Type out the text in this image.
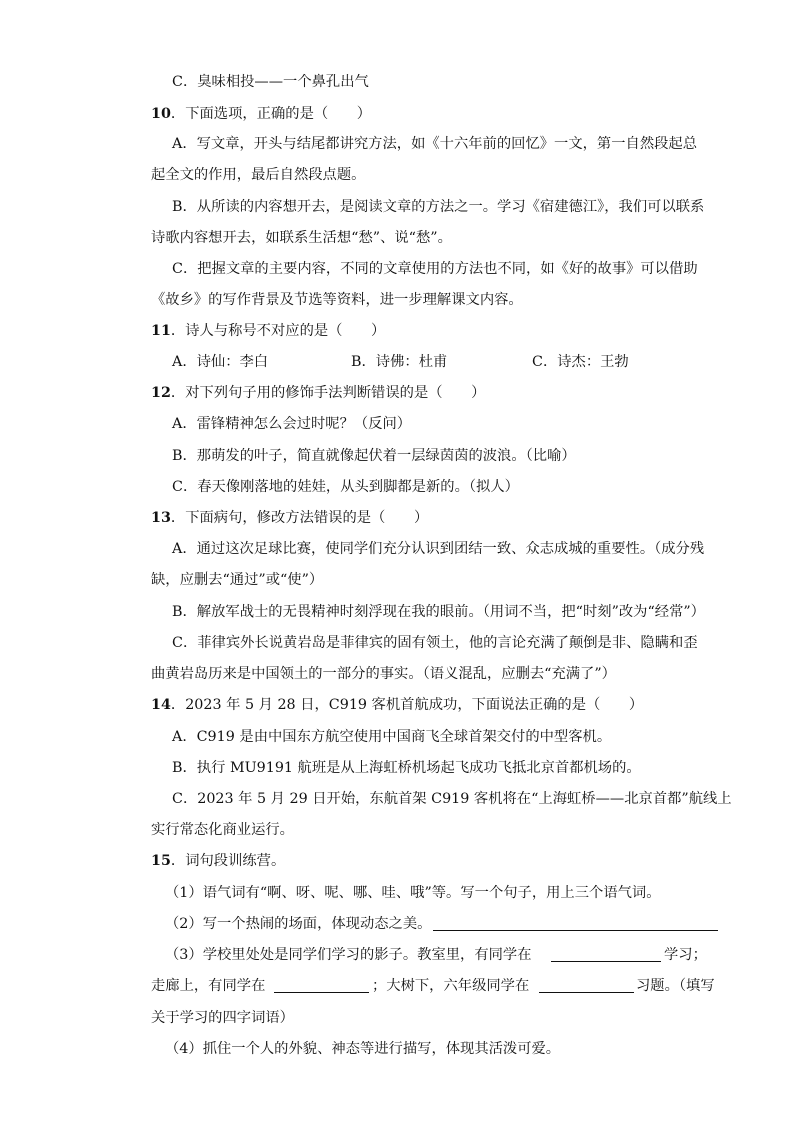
C．臭味相投——一个鼻孔出气
10．下面选项，正确的是（　　）
A．写文章，开头与结尾都讲究方法，如《十六年前的回忆》一文，第一自然段起总
起全文的作用，最后自然段点题。
B．从所读的内容想开去，是阅读文章的方法之一。学习《宿建德江》，我们可以联系
诗歌内容想开去，如联系生活想“愁”、说“愁”。
C．把握文章的主要内容，不同的文章使用的方法也不同，如《好的故事》可以借助
《故乡》的写作背景及节选等资料，进一步理解课文内容。
11．诗人与称号不对应的是（　　）
A．诗仙：李白	B．诗佛：杜甫	C．诗杰：王勃
12．对下列句子用的修饰手法判断错误的是（　　）
A．雷锋精神怎么会过时呢？（反问）
B．那萌发的叶子，简直就像起伏着一层绿茵茵的波浪。（比喻）
C．春天像刚落地的娃娃，从头到脚都是新的。（拟人）
13．下面病句，修改方法错误的是（　　）
A．通过这次足球比赛，使同学们充分认识到团结一致、众志成城的重要性。（成分残
缺，应删去“通过”或“使”）
B．解放军战士的无畏精神时刻浮现在我的眼前。（用词不当，把“时刻”改为“经常”）
C．菲律宾外长说黄岩岛是菲律宾的固有领土，他的言论充满了颠倒是非、隐瞒和歪
曲黄岩岛历来是中国领土的一部分的事实。（语义混乱，应删去“充满了”）
14．2023 年 5 月 28 日，C919 客机首航成功，下面说法正确的是（　　）
A．C919 是由中国东方航空使用中国商飞全球首架交付的中型客机。
B．执行 MU9191 航班是从上海虹桥机场起飞成功飞抵北京首都机场的。
C．2023 年 5 月 29 日开始，东航首架 C919 客机将在“上海虹桥——北京首都”航线上
实行常态化商业运行。
15．词句段训练营。
（1）语气词有“啊、呀、呢、哪、哇、哦”等。写一个句子，用上三个语气词。
（2）写一个热闹的场面，体现动态之美。
（3）学校里处处是同学们学习的影子。教室里，有同学在	学习；
走廊上，有同学在	；大树下，六年级同学在	习题。（填写
关于学习的四字词语）
（4）抓住一个人的外貌、神态等进行描写，体现其活泼可爱。
